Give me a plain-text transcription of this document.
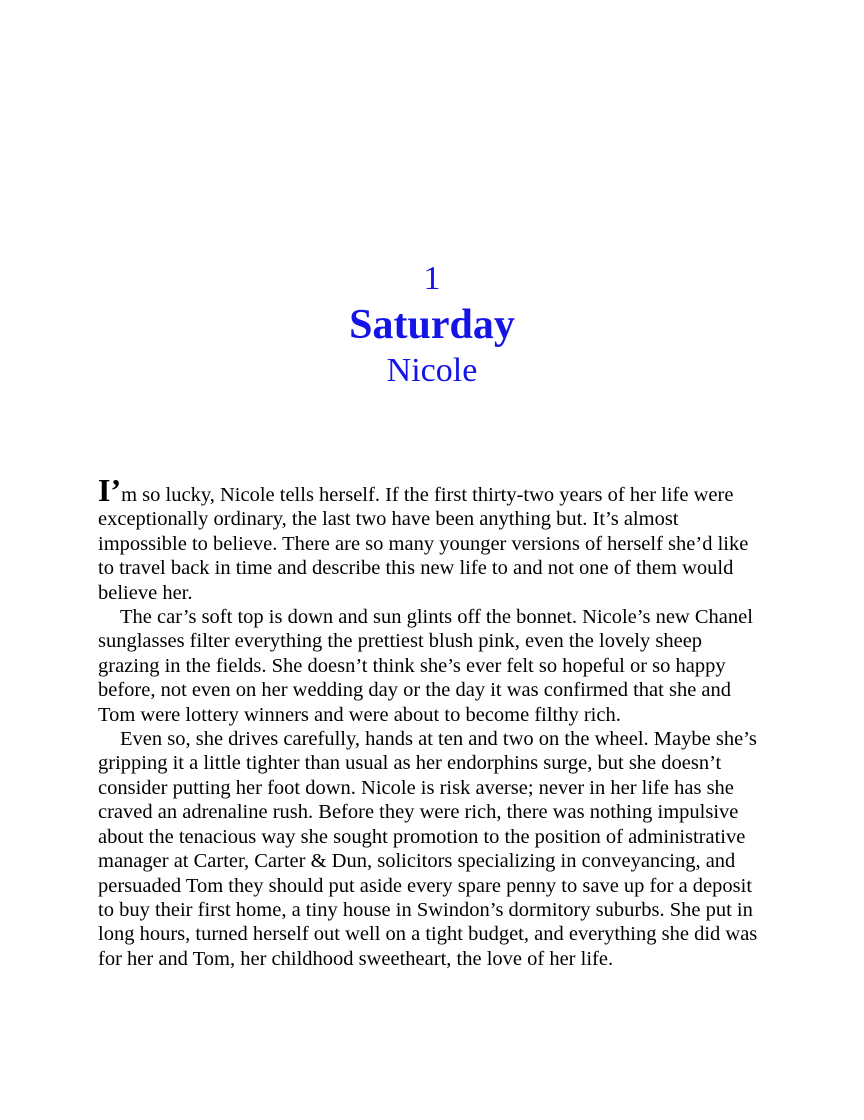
1
Saturday
Nicole

I’m so lucky, Nicole tells herself. If the first thirty-two years of her life were exceptionally ordinary, the last two have been anything but. It’s almost impossible to believe. There are so many younger versions of herself she’d like to travel back in time and describe this new life to and not one of them would believe her.

The car’s soft top is down and sun glints off the bonnet. Nicole’s new Chanel sunglasses filter everything the prettiest blush pink, even the lovely sheep grazing in the fields. She doesn’t think she’s ever felt so hopeful or so happy before, not even on her wedding day or the day it was confirmed that she and Tom were lottery winners and were about to become filthy rich.

Even so, she drives carefully, hands at ten and two on the wheel. Maybe she’s gripping it a little tighter than usual as her endorphins surge, but she doesn’t consider putting her foot down. Nicole is risk averse; never in her life has she craved an adrenaline rush. Before they were rich, there was nothing impulsive about the tenacious way she sought promotion to the position of administrative manager at Carter, Carter & Dun, solicitors specializing in conveyancing, and persuaded Tom they should put aside every spare penny to save up for a deposit to buy their first home, a tiny house in Swindon’s dormitory suburbs. She put in long hours, turned herself out well on a tight budget, and everything she did was for her and Tom, her childhood sweetheart, the love of her life.
